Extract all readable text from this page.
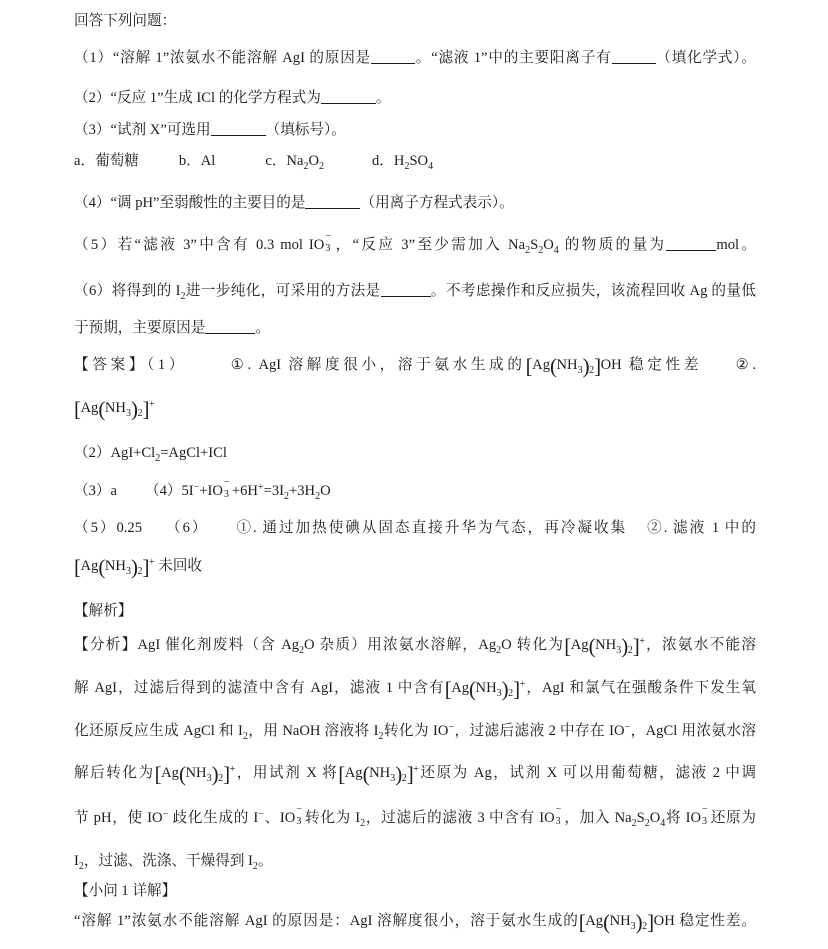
回答下列问题：
（1）“溶解 1”浓氨水不能溶解 AgI 的原因是	。“滤液 1”中的主要阳离子有	（填化学式）。
（2）“反应 1”生成 ICl 的化学方程式为	。
（3）“试剂 X”可选用	（填标号）。
a．葡萄糖	b．Al	c．$Na_2O_2$	d．$H_2SO_4$
（4）“调 pH”至弱酸性的主要目的是	（用离子方程式表示）。
（5）若“滤液 3”中含有 0.3 mol IO
−
3 ，“反应 3”至少需加入 $Na_2S_2O_4$ 的物质的量为	mol。
（6）将得到的 $I_2$进一步纯化，可采用的方法是	。不考虑操作和反应损失，该流程回收 Ag 的量低
于预期，主要原因是	。
【答案】（1）	①. AgI 溶解度很小，溶于氨水生成的$[Ag(NH_3)_2]OH$ 稳定性差 ②.
$[Ag(NH_3)_2]^+$
$(2)AgI+Cl_2=AgCl+ICl$
（3）a （4）5I−+IO
−
$3 +6H^+=3I_2+3H_2O$
（5）0.25 （6） ①. 通过加热使碘从固态直接升华为气态，再冷凝收集 ②. 滤液 1 中的
$[Ag(NH_3)_2]^+$ 未回收
【解析】
【分析】AgI 催化剂废料（含 $Ag_2O$ 杂质）用浓氨水溶解，$Ag_2O$ 转化为$[Ag(NH_3)_2]^+$，浓氨水不能溶
解 AgI，过滤后得到的滤渣中含有 AgI，滤液 1 中含有$[Ag(NH_3)_2]^+$，AgI 和氯气在强酸条件下发生氧
化还原反应生成 AgCl 和 $I_2$，用 NaOH 溶液将 $I_2$转化为 IO−，过滤后滤液 2 中存在 IO−，AgCl 用浓氨水溶
解后转化为$[Ag(NH_3)_2]^+$，用试剂 X 将$[Ag(NH_3)_2]^+$还原为 Ag，试剂 X 可以用葡萄糖，滤液 2 中调
节 pH，使 IO− 歧化生成的 I−、IO
−
3 转化为 $I_2$，过滤后的滤液 3 中含有 IO
−
3 ，加入 $Na_2S_2O_4$将 IO
−
3 还原为
$I_2$，过滤、洗涤、干燥得到 $I_2$。
【小问 1 详解】
“溶解 1”浓氨水不能溶解 AgI 的原因是：AgI 溶解度很小，溶于氨水生成的$[Ag(NH_3)_2]OH$ 稳定性差。
